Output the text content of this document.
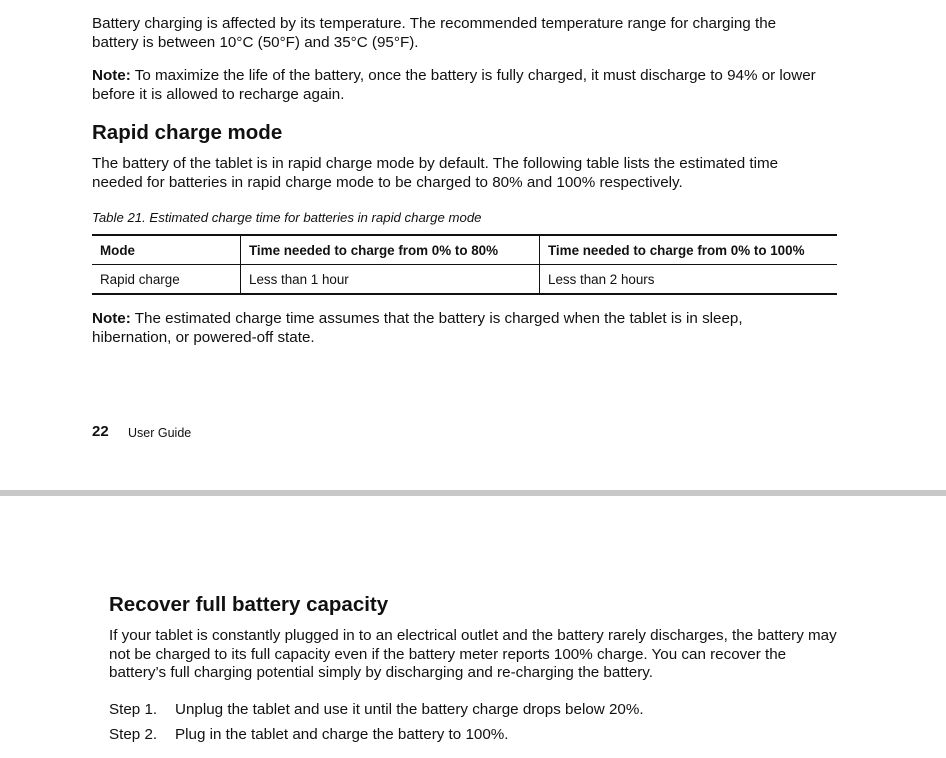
Battery charging is affected by its temperature. The recommended temperature range for charging the
battery is between 10°C (50°F) and 35°C (95°F).

Note: To maximize the life of the battery, once the battery is fully charged, it must discharge to 94% or lower
before it is allowed to recharge again.

Rapid charge mode

The battery of the tablet is in rapid charge mode by default. The following table lists the estimated time
needed for batteries in rapid charge mode to be charged to 80% and 100% respectively.

Table 21. Estimated charge time for batteries in rapid charge mode

Mode	Time needed to charge from 0% to 80%	Time needed to charge from 0% to 100%
Rapid charge	Less than 1 hour	Less than 2 hours

Note: The estimated charge time assumes that the battery is charged when the tablet is in sleep,
hibernation, or powered-off state.

22 User Guide

Recover full battery capacity

If your tablet is constantly plugged in to an electrical outlet and the battery rarely discharges, the battery may
not be charged to its full capacity even if the battery meter reports 100% charge. You can recover the
battery’s full charging potential simply by discharging and re-charging the battery.

Step 1. Unplug the tablet and use it until the battery charge drops below 20%.

Step 2. Plug in the tablet and charge the battery to 100%.
